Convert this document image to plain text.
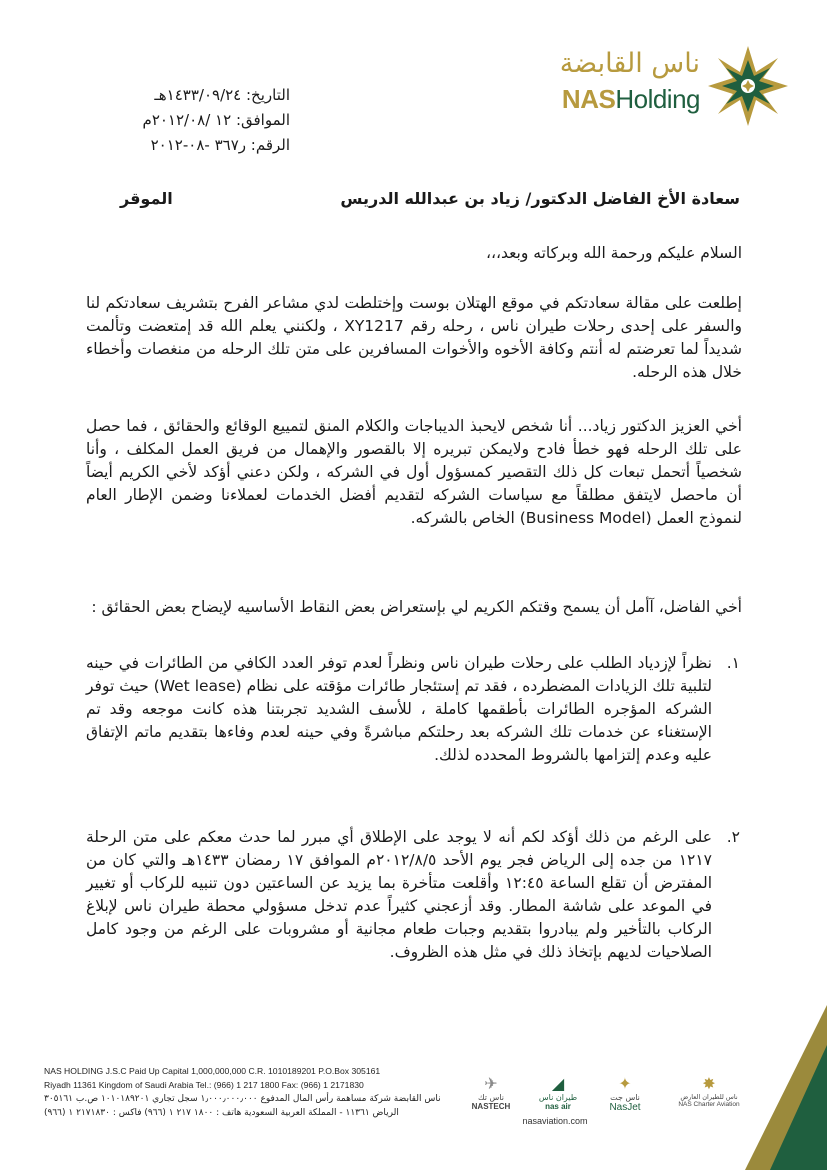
ناس القابضة
NASHolding
التاريخ: ١٤٣٣/٠٩/٢٤هـ
الموافق: ١٢ /٢٠١٢/٠٨م
الرقم: ر٣٦٧ -٠٨-٢٠١٢
سعادة الأخ الفاضل الدكتور/ زياد بن عبدالله الدريس
الموقر
السلام عليكم ورحمة الله وبركاته وبعد،،،
إطلعت على مقالة سعادتكم في موقع الهتلان بوست وإختلطت لدي مشاعر الفرح بتشريف سعادتكم لنا والسفر على إحدى رحلات طيران ناس ، رحله رقم XY1217 ، ولكنني يعلم الله قد إمتعضت وتألمت شديداً لما تعرضتم له أنتم وكافة الأخوه والأخوات المسافرين على متن تلك الرحله من منغصات وأخطاء خلال هذه الرحله.
أخي العزيز الدكتور زياد... أنا شخص لايحبذ الديباجات والكلام المنق لتمييع الوقائع والحقائق ، فما حصل على تلك الرحله فهو خطأ فادح ولايمكن تبريره إلا بالقصور والإهمال من فريق العمل المكلف ، وأنا شخصياً أتحمل تبعات كل ذلك التقصير كمسؤول أول في الشركه ، ولكن دعني أؤكد لأخي الكريم أيضاً أن ماحصل لايتفق مطلقاً مع سياسات الشركه لتقديم أفضل الخدمات لعملاءنا وضمن الإطار العام لنموذج العمل (Business Model) الخاص بالشركه.
أخي الفاضل، آأمل أن يسمح وقتكم الكريم لي بإستعراض بعض النقاط الأساسيه لإيضاح بعض الحقائق :
١.
نظراً لإزدياد الطلب على رحلات طيران ناس ونظراً لعدم توفر العدد الكافي من الطائرات في حينه لتلبية تلك الزيادات المضطرده ، فقد تم إستئجار طائرات مؤقته على نظام (Wet lease) حيث توفر الشركه المؤجره الطائرات بأطقمها كاملة ، للأسف الشديد تجربتنا هذه كانت موجعه وقد تم الإستغناء عن خدمات تلك الشركه بعد رحلتكم مباشرةً وفي حينه لعدم وفاءها بتقديم ماتم الإتفاق عليه وعدم إلتزامها بالشروط المحدده لذلك.
٢.
على الرغم من ذلك أؤكد لكم أنه لا يوجد على الإطلاق أي مبرر لما حدث معكم على متن الرحلة ١٢١٧ من جده إلى الرياض فجر يوم الأحد ٢٠١٢/٨/٥م الموافق ١٧ رمضان ١٤٣٣هـ والتي كان من المفترض أن تقلع الساعة ١٢:٤٥ وأقلعت متأخرة بما يزيد عن الساعتين دون تنبيه للركاب أو تغيير في الموعد على شاشة المطار. وقد أزعجني كثيراً عدم تدخل مسؤولي محطة طيران ناس لإبلاغ الركاب بالتأخير ولم يبادروا بتقديم وجبات طعام مجانية أو مشروبات على الرغم من وجود كامل الصلاحيات لديهم بإتخاذ ذلك في مثل هذه الظروف.
NAS HOLDING J.S.C Paid Up Capital 1,000,000,000 C.R. 1010189201 P.O.Box 305161
Riyadh 11361 Kingdom of Saudi Arabia Tel.: (966) 1 217 1800 Fax: (966) 1 2171830
ناس القابضة شركة مساهمة رأس المال المدفوع ١٫٠٠٠٫٠٠٠٫٠٠٠ سجل تجاري ١٠١٠١٨٩٢٠١ ص.ب ٣٠٥١٦١
الرياض ١١٣٦١ - المملكة العربية السعودية هاتف : ١٨٠٠ ٢١٧ ١ (٩٦٦) فاكس : ٢١٧١٨٣٠ ١ (٩٦٦)
✈
ناس تك
NASTECH
◢
طيران ناس
nas air
✦
ناس جت
NasJet
✸
ناس للطيران العارض
NAS Charter Aviation
nasaviation.com
